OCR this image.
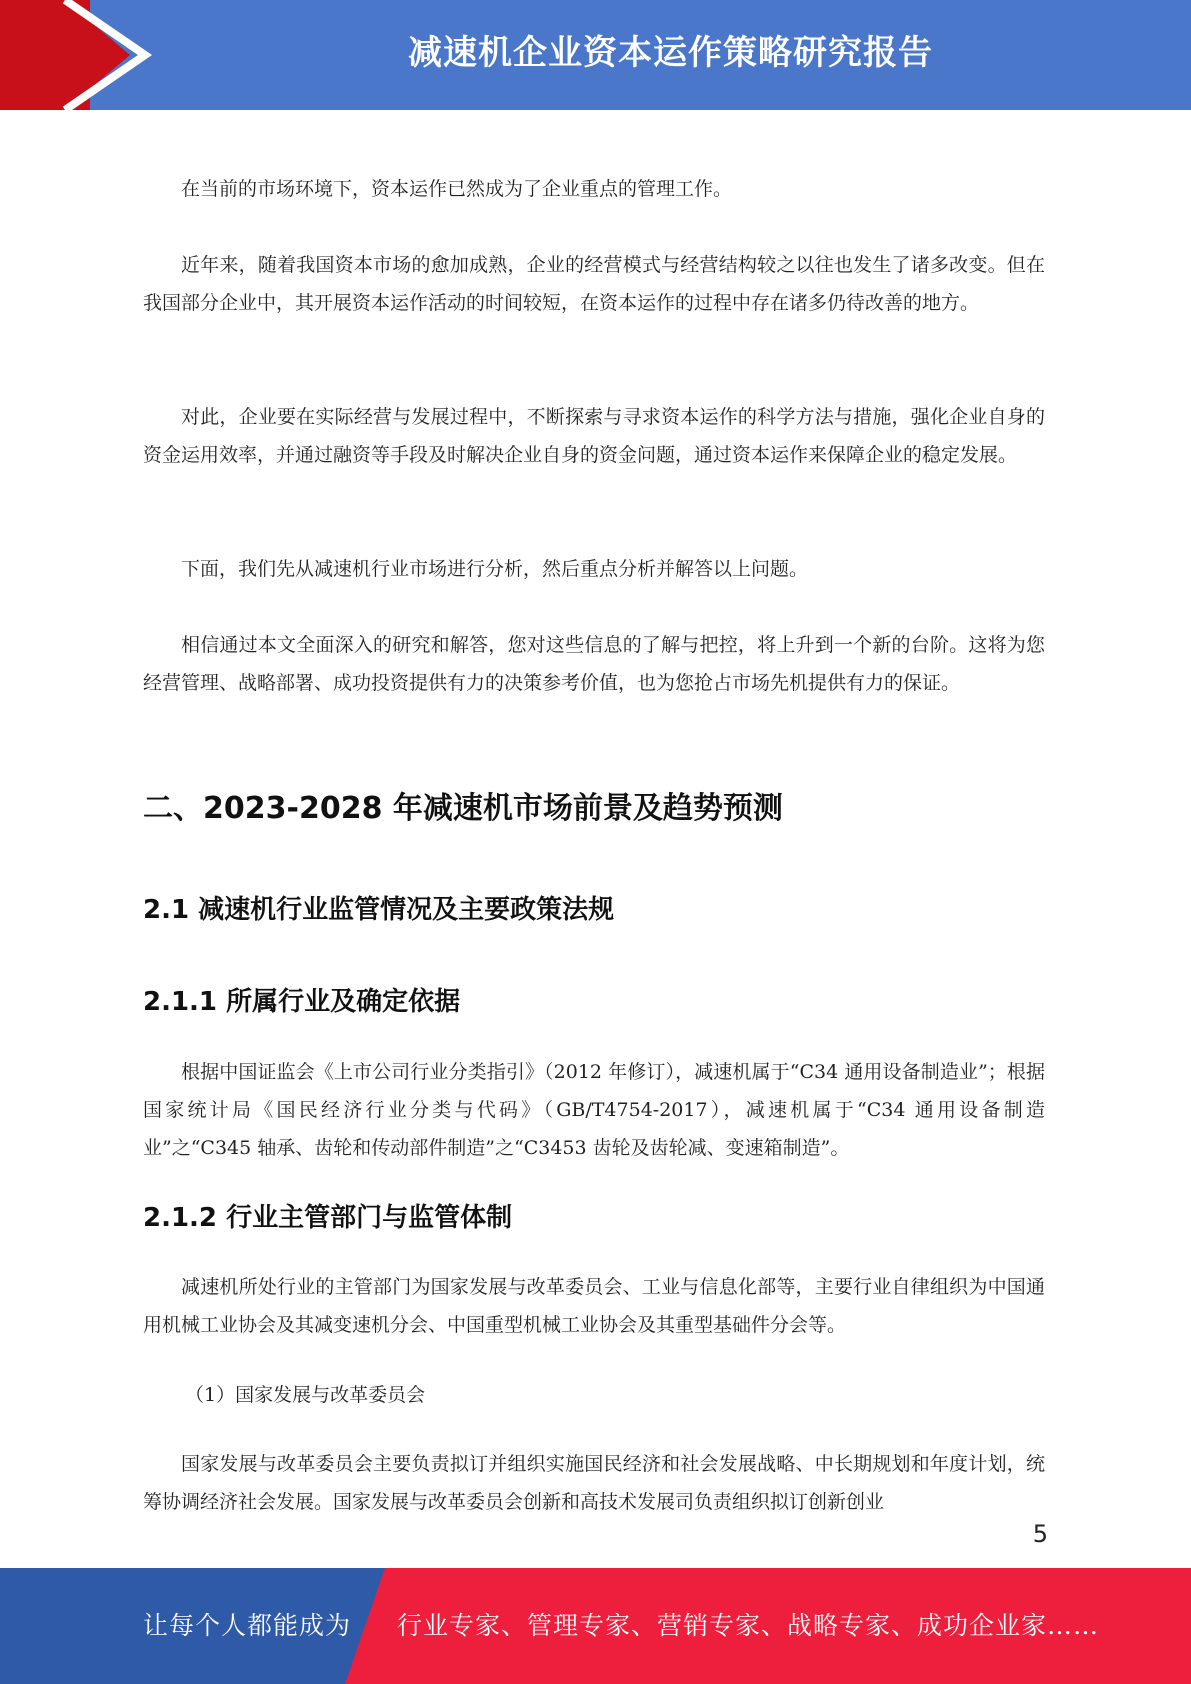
减速机企业资本运作策略研究报告

在当前的市场环境下，资本运作已然成为了企业重点的管理工作。

近年来，随着我国资本市场的愈加成熟，企业的经营模式与经营结构较之以往也发生了诸多改变。但在我国部分企业中，其开展资本运作活动的时间较短，在资本运作的过程中存在诸多仍待改善的地方。

对此，企业要在实际经营与发展过程中，不断探索与寻求资本运作的科学方法与措施，强化企业自身的资金运用效率，并通过融资等手段及时解决企业自身的资金问题，通过资本运作来保障企业的稳定发展。

下面，我们先从减速机行业市场进行分析，然后重点分析并解答以上问题。

相信通过本文全面深入的研究和解答，您对这些信息的了解与把控，将上升到一个新的台阶。这将为您经营管理、战略部署、成功投资提供有力的决策参考价值，也为您抢占市场先机提供有力的保证。

二、2023-2028 年减速机市场前景及趋势预测
2.1 减速机行业监管情况及主要政策法规
2.1.1 所属行业及确定依据

根据中国证监会《上市公司行业分类指引》（2012 年修订），减速机属于“C34 通用设备制造业”；根据国家统计局《国民经济行业分类与代码》（GB/T4754-2017），减速机属于“C34 通用设备制造业”之“C345 轴承、齿轮和传动部件制造”之“C3453 齿轮及齿轮减、变速箱制造”。

2.1.2 行业主管部门与监管体制

减速机所处行业的主管部门为国家发展与改革委员会、工业与信息化部等，主要行业自律组织为中国通用机械工业协会及其减变速机分会、中国重型机械工业协会及其重型基础件分会等。

（1）国家发展与改革委员会

国家发展与改革委员会主要负责拟订并组织实施国民经济和社会发展战略、中长期规划和年度计划，统筹协调经济社会发展。国家发展与改革委员会创新和高技术发展司负责组织拟订创新创业

5
让每个人都能成为 行业专家、管理专家、营销专家、战略专家、成功企业家……
